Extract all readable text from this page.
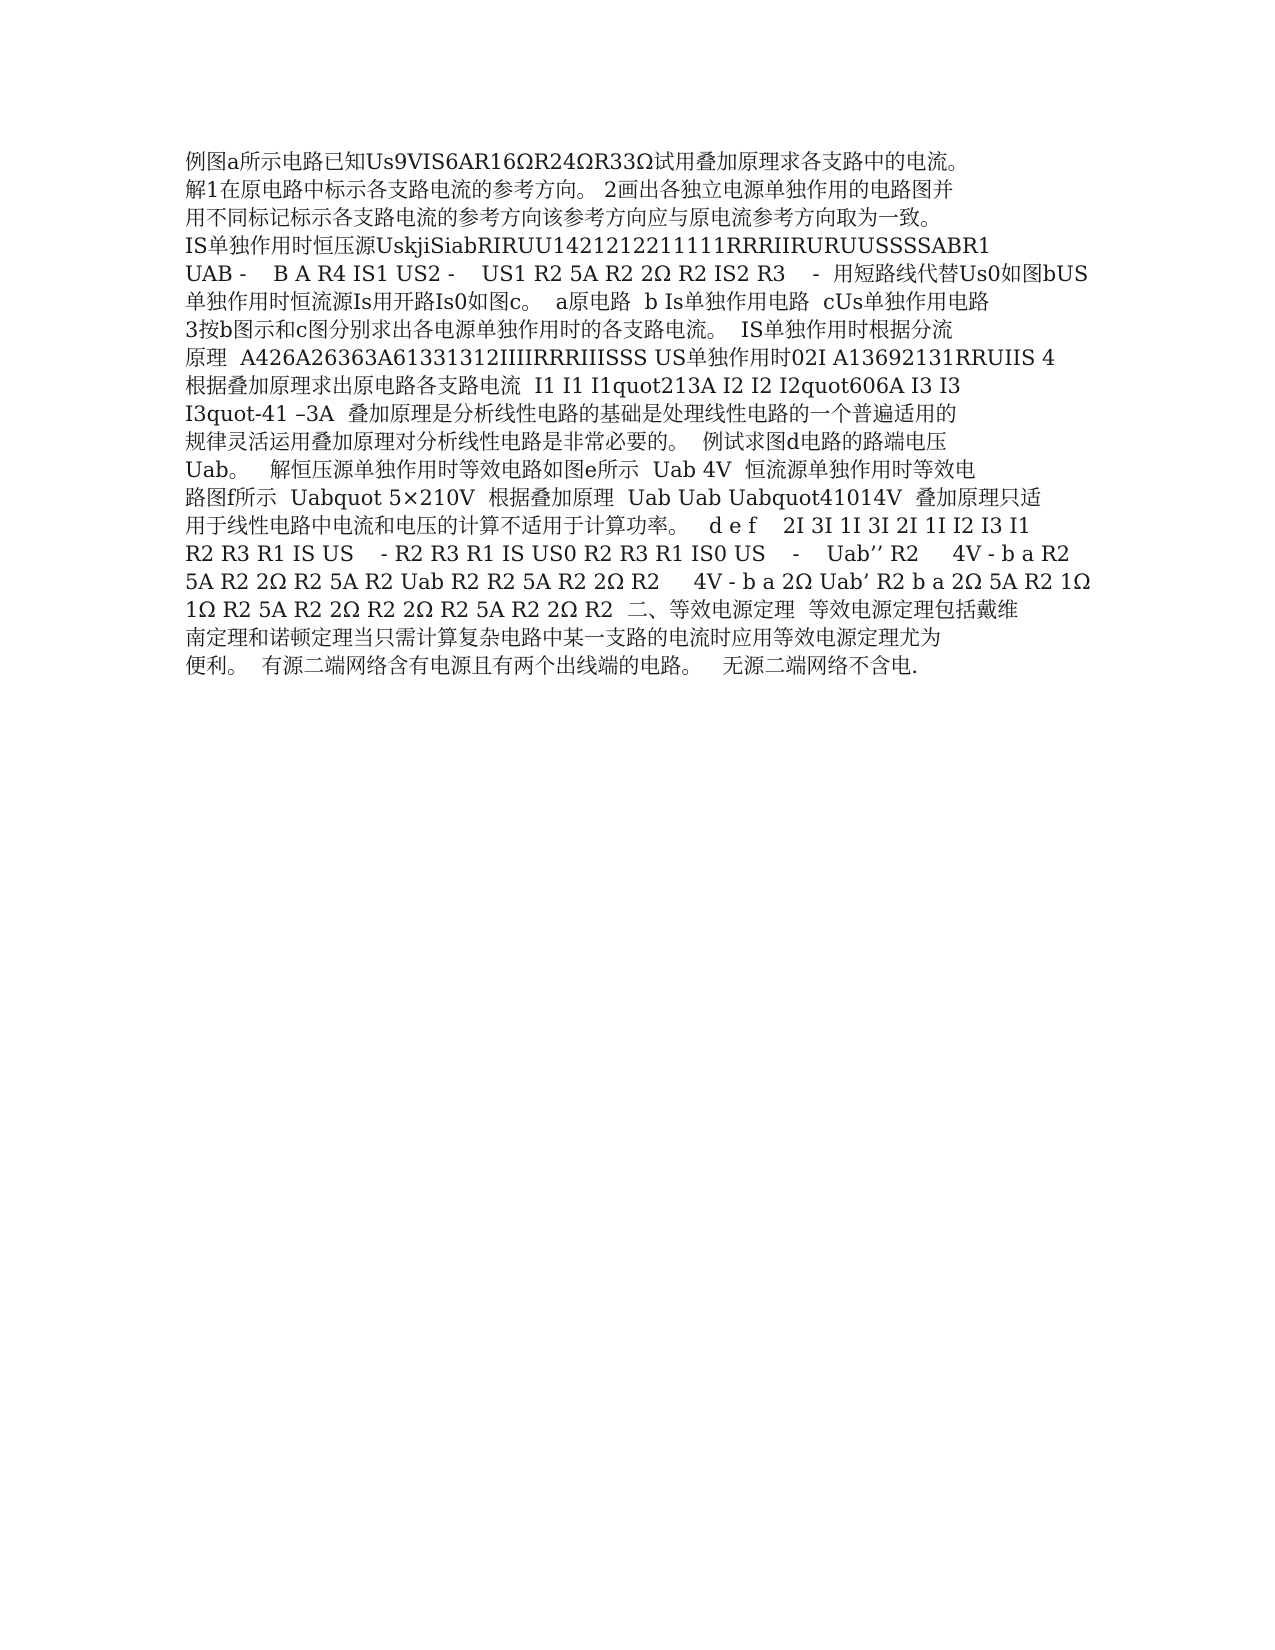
例图a所示电路已知Us9VIS6AR16ΩR24ΩR33Ω试用叠加原理求各支路中的电流。
解1在原电路中标示各支路电流的参考方向。 2画出各独立电源单独作用的电路图并
用不同标记标示各支路电流的参考方向该参考方向应与原电流参考方向取为一致。
IS单独作用时恒压源UskjiSiabRIRUU1421212211111RRRIIRURUUSSSSABR1
UAB -    B A R4 IS1 US2 -    US1 R2 5A R2 2Ω R2 IS2 R3    -  用短路线代替Us0如图bUS
单独作用时恒流源Is用开路Is0如图c。  a原电路  b Is单独作用电路  cUs单独作用电路
3按b图示和c图分别求出各电源单独作用时的各支路电流。  IS单独作用时根据分流
原理  A426A26363A61331312IIIIRRRIIISSS US单独作用时02I A13692131RRUIIS 4
根据叠加原理求出原电路各支路电流  I1 I1 I1quot213A I2 I2 I2quot606A I3 I3
I3quot-41 –3A  叠加原理是分析线性电路的基础是处理线性电路的一个普遍适用的
规律灵活运用叠加原理对分析线性电路是非常必要的。  例试求图d电路的路端电压
Uab。   解恒压源单独作用时等效电路如图e所示  Uab 4V  恒流源单独作用时等效电
路图f所示  Uabquot 5×210V  根据叠加原理  Uab Uab Uabquot41014V  叠加原理只适
用于线性电路中电流和电压的计算不适用于计算功率。   d e f    2I 3I 1I 3I 2I 1I I2 I3 I1
R2 R3 R1 IS US    - R2 R3 R1 IS US0 R2 R3 R1 IS0 US    -    Uab’’ R2     4V - b a R2
5A R2 2Ω R2 5A R2 Uab R2 R2 5A R2 2Ω R2     4V - b a 2Ω Uab’ R2 b a 2Ω 5A R2 1Ω
1Ω R2 5A R2 2Ω R2 2Ω R2 5A R2 2Ω R2  二、等效电源定理  等效电源定理包括戴维
南定理和诺顿定理当只需计算复杂电路中某一支路的电流时应用等效电源定理尤为
便利。  有源二端网络含有电源且有两个出线端的电路。   无源二端网络不含电.
